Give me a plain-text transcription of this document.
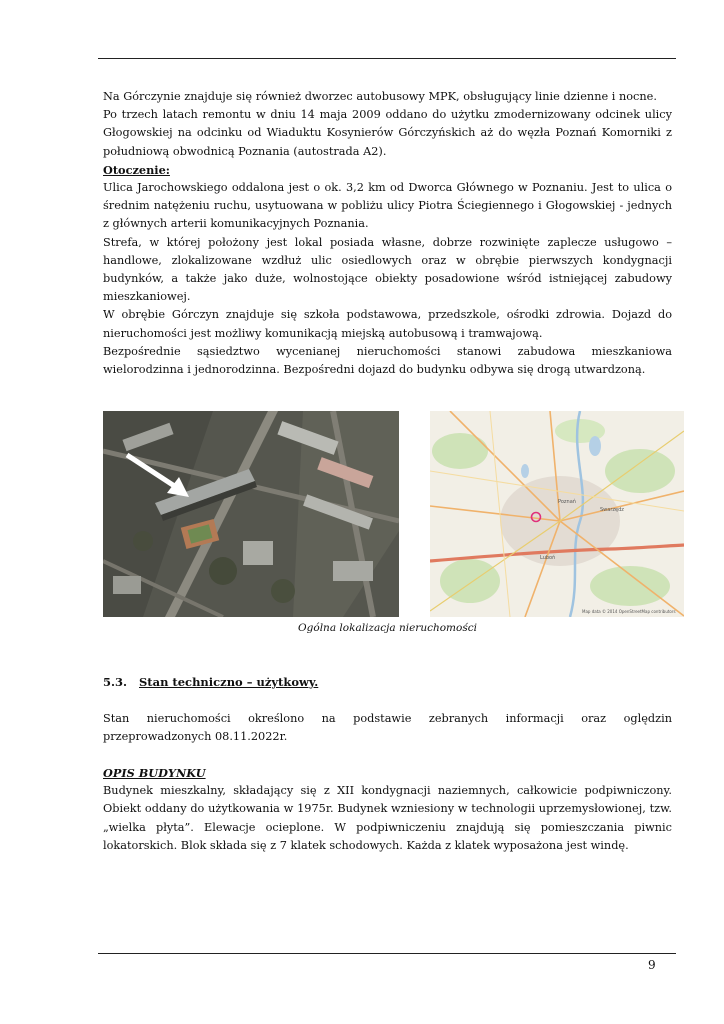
Na Górczynie znajduje się również dworzec autobusowy MPK, obsługujący linie dzienne i nocne.

Po trzech latach remontu w dniu 14 maja 2009 oddano do użytku zmodernizowany odcinek ulicy Głogowskiej na odcinku od Wiaduktu Kosynierów Górczyńskich aż do węzła Poznań Komorniki z południową obwodnicą Poznania (autostrada A2).

Otoczenie:

Ulica Jarochowskiego oddalona jest o ok. 3,2 km od Dworca Głównego w Poznaniu. Jest to ulica o średnim natężeniu ruchu, usytuowana w pobliżu ulicy Piotra Ściegiennego i Głogowskiej - jednych z głównych arterii komunikacyjnych Poznania.

Strefa, w której położony jest lokal posiada własne, dobrze rozwinięte zaplecze usługowo – handlowe, zlokalizowane wzdłuż ulic osiedlowych oraz w obrębie pierwszych kondygnacji budynków, a także jako duże, wolnostojące obiekty posadowione wśród istniejącej zabudowy mieszkaniowej.

W obrębie Górczyn znajduje się szkoła podstawowa, przedszkole, ośrodki zdrowia. Dojazd do nieruchomości jest możliwy komunikacją miejską autobusową i tramwajową.

Bezpośrednie sąsiedztwo wycenianej nieruchomości stanowi zabudowa mieszkaniowa wielorodzinna i jednorodzinna. Bezpośredni dojazd do budynku odbywa się drogą utwardzoną.

Poznań
Swarzędz
Luboń
Map data © 2014 OpenStreetMap contributors
Ogólna lokalizacja nieruchomości
5.3. Stan techniczno – użytkowy.

Stan nieruchomości określono na podstawie zebranych informacji oraz oględzin przeprowadzonych 08.11.2022r.

OPIS BUDYNKU

Budynek mieszkalny, składający się z XII kondygnacji naziemnych, całkowicie podpiwniczony. Obiekt oddany do użytkowania w 1975r. Budynek wzniesiony w technologii uprzemysłowionej, tzw. „wielka płyta”. Elewacje ocieplone. W podpiwniczeniu znajdują się pomieszczania piwnic lokatorskich. Blok składa się z 7 klatek schodowych. Każda z klatek wyposażona jest windę.

9
